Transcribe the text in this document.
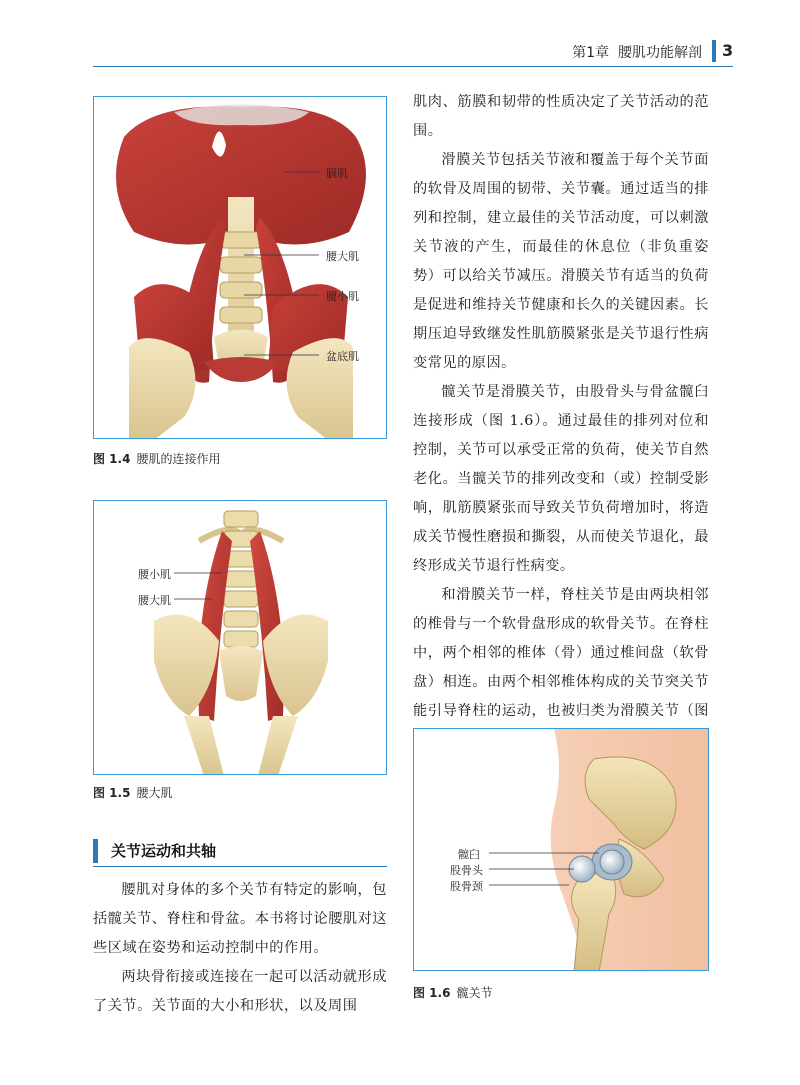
第1章 腰肌功能解剖 3
膈肌
腰大肌
腰小肌
盆底肌
图 1.4 腰肌的连接作用
腰小肌
腰大肌
图 1.5 腰大肌
关节运动和共轴

腰肌对身体的多个关节有特定的影响，包括髋关节、脊柱和骨盆。本书将讨论腰肌对这些区域在姿势和运动控制中的作用。

两块骨衔接或连接在一起可以活动就形成了关节。关节面的大小和形状，以及周围

肌肉、筋膜和韧带的性质决定了关节活动的范围。

滑膜关节包括关节液和覆盖于每个关节面的软骨及周围的韧带、关节囊。通过适当的排列和控制，建立最佳的关节活动度，可以刺激关节液的产生，而最佳的休息位（非负重姿势）可以给关节减压。滑膜关节有适当的负荷是促进和维持关节健康和长久的关键因素。长期压迫导致继发性肌筋膜紧张是关节退行性病变常见的原因。

髋关节是滑膜关节，由股骨头与骨盆髋臼连接形成（图 1.6）。通过最佳的排列对位和控制，关节可以承受正常的负荷，使关节自然老化。当髋关节的排列改变和（或）控制受影响，肌筋膜紧张而导致关节负荷增加时，将造成关节慢性磨损和撕裂，从而使关节退化，最终形成关节退行性病变。

和滑膜关节一样，脊柱关节是由两块相邻的椎骨与一个软骨盘形成的软骨关节。在脊柱中，两个相邻的椎体（骨）通过椎间盘（软骨盘）相连。由两个相邻椎体构成的关节突关节能引导脊柱的运动，也被归类为滑膜关节（图

髋臼
股骨头
股骨颈
图 1.6 髋关节
